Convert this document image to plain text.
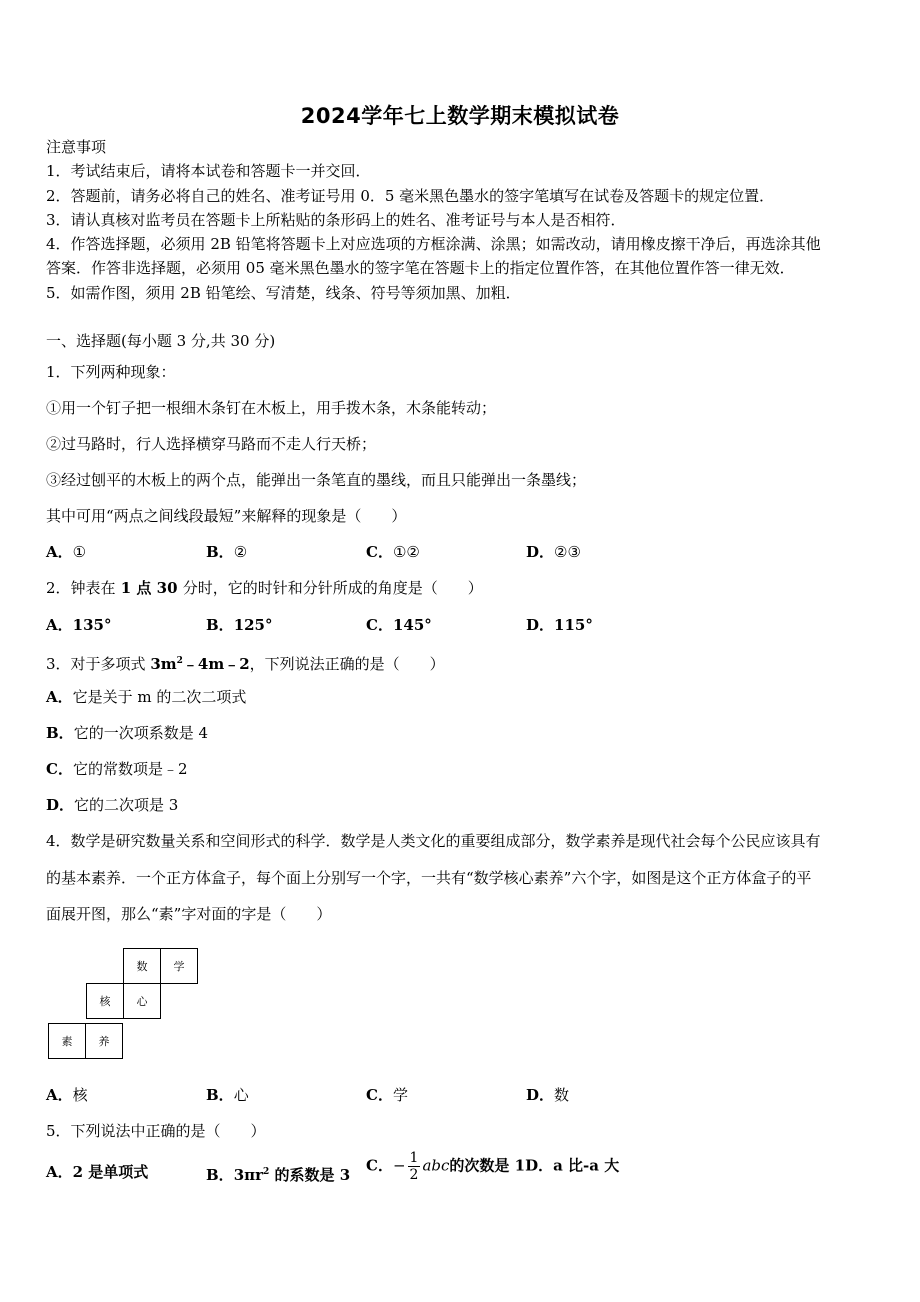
2024学年七上数学期末模拟试卷
注意事项
1．考试结束后，请将本试卷和答题卡一并交回．
2．答题前，请务必将自己的姓名、准考证号用 0．5 毫米黑色墨水的签字笔填写在试卷及答题卡的规定位置．
3．请认真核对监考员在答题卡上所粘贴的条形码上的姓名、准考证号与本人是否相符．
4．作答选择题，必须用 2B 铅笔将答题卡上对应选项的方框涂满、涂黑；如需改动，请用橡皮擦干净后，再选涂其他
答案．作答非选择题，必须用 05 毫米黑色墨水的签字笔在答题卡上的指定位置作答，在其他位置作答一律无效．
5．如需作图，须用 2B 铅笔绘、写清楚，线条、符号等须加黑、加粗．
一、选择题(每小题 3 分,共 30 分)
1．下列两种现象：
①用一个钉子把一根细木条钉在木板上，用手拨木条，木条能转动；
②过马路时，行人选择横穿马路而不走人行天桥；
③经过刨平的木板上的两个点，能弹出一条笔直的墨线，而且只能弹出一条墨线；
其中可用“两点之间线段最短”来解释的现象是（　　）
A．①	B．②	C．①②	D．②③
2．钟表在 1 点 30 分时，它的时针和分针所成的角度是（　　）
A．135°	B．125°	C．145°	D．115°
3．对于多项式 $3m^2﹣4m﹣2$，下列说法正确的是（　　）
A．它是关于 m 的二次二项式
B．它的一次项系数是 4
C．它的常数项是﹣2
D．它的二次项是 3
4．数学是研究数量关系和空间形式的科学．数学是人类文化的重要组成部分，数学素养是现代社会每个公民应该具有
的基本素养．一个正方体盒子，每个面上分别写一个字，一共有“数学核心素养”六个字，如图是这个正方体盒子的平
面展开图，那么“素”字对面的字是（　　）
数	学
核	心
素	养
A．核	B．心	C．学	D．数
5．下列说法中正确的是（　　）
A．2 是单项式	B．$3\pi r^2$ 的系数是 3
C．− $\frac{1}{2}$ abc的次数是 1D．a 比-a 大
